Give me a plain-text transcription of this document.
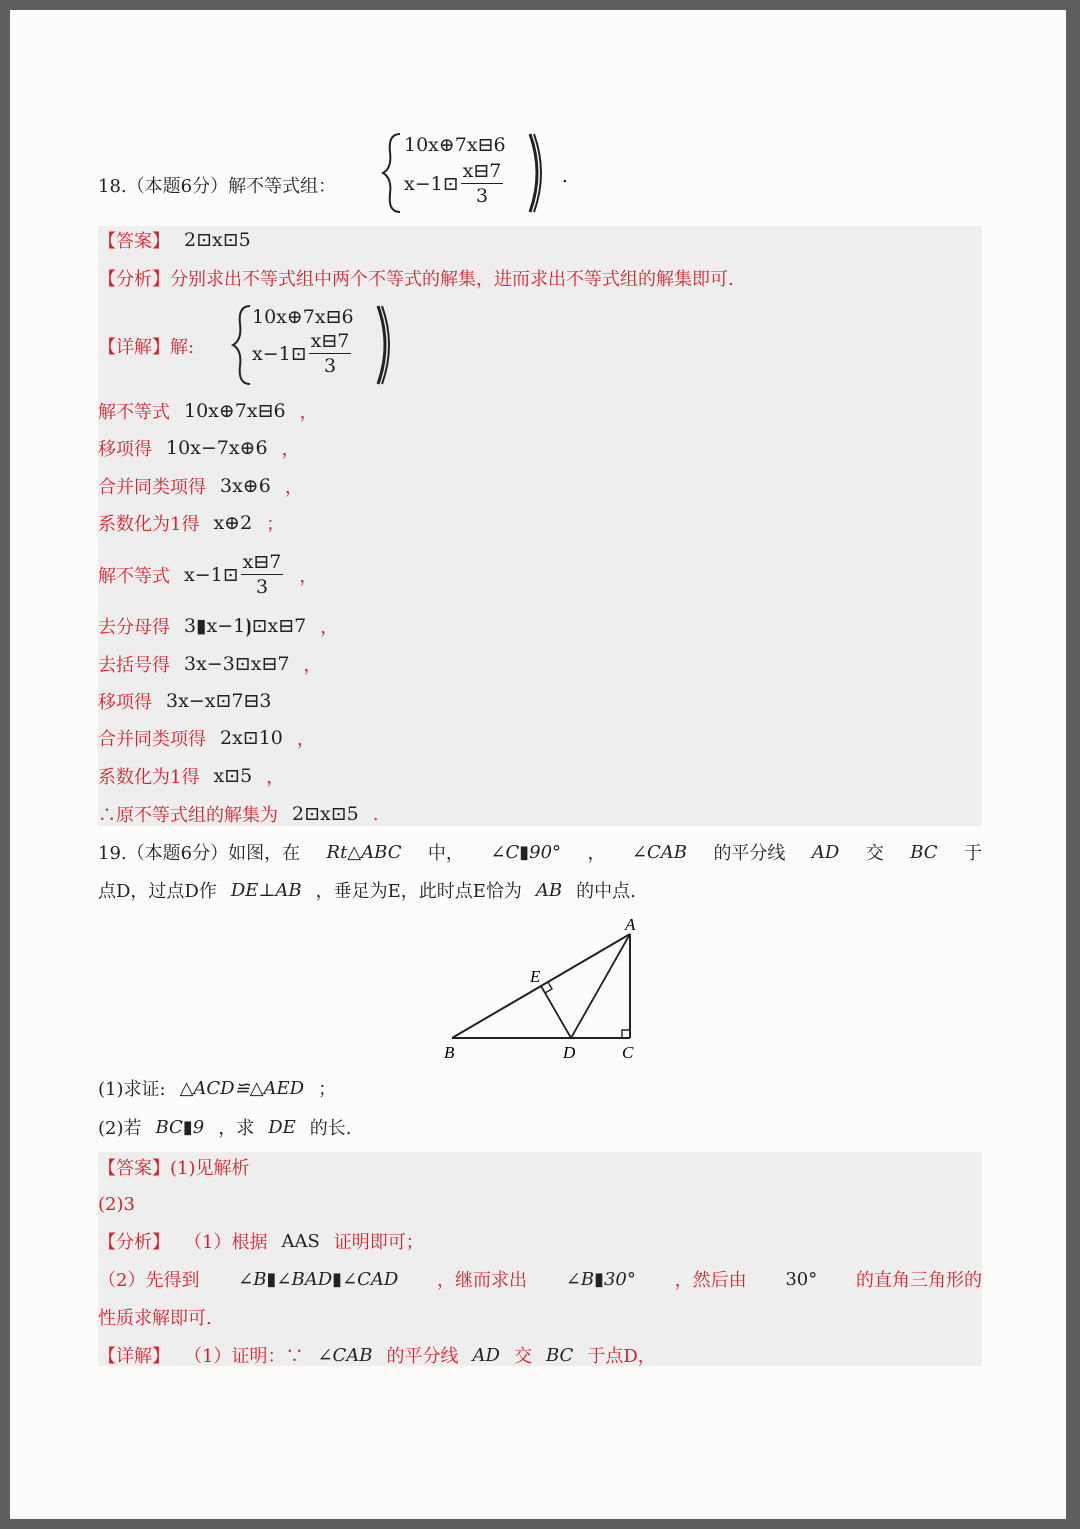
18.（本题6分）解不等式组：
10x⊕7x⊟6
x−1⊡ $\frac{x⊟7}{3}$	.
【答案】 2⊡x⊡5
【分析】 分别求出不等式组中两个不等式的解集，进而求出不等式组的解集即可.
【详解】 解:
10x⊕7x⊟6
x−1⊡ $\frac{x⊟7}{3}$
解不等式 10x⊕7x⊟6 ，
移项得 10x−7x⊕6 ，
合并同类项得 3x⊕6 ，
系数化为1得 x⊕2 ；
解不等式 x−1⊡ $\frac{x⊟7}{3}$ ，
去分母得 3▮x−1⦘⊡x⊟7 ，
去括号得 3x−3⊡x⊟7 ，
移项得 3x−x⊡7⊟3
合并同类项得 2x⊡10 ，
系数化为1得 x⊡5 ，
∴原不等式组的解集为 2⊡x⊡5 .
19.（本题6分）如图，在 Rt△ABC 中， ∠C▮90° ， ∠CAB 的平分线 AD 交 BC 于
点D，过点D作 DE⊥AB ，垂足为E，此时点E恰为 AB 的中点.
A
B	C
D
E
(1)求证: △ACD≌△AED ；
(2)若 BC▮9 ，求 DE 的长.
【答案】 (1)见解析
(2)3
【分析】 （1）根据 AAS 证明即可；
（2）先得到 ∠B▮∠BAD▮∠CAD ，继而求出 ∠B▮30° ，然后由 30° 的直角三角形的
性质求解即可.
【详解】 （1）证明：∵ ∠CAB 的平分线 AD 交 BC 于点D，
